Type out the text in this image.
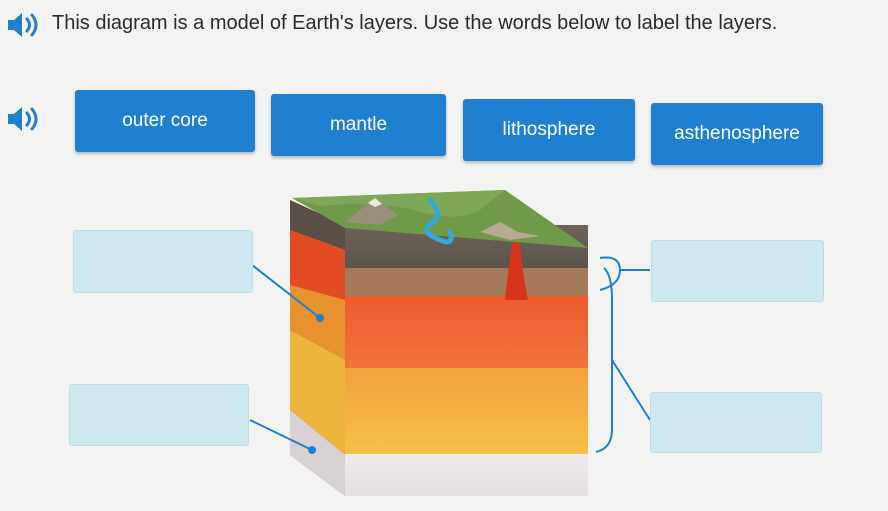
This diagram is a model of Earth's layers. Use the words below to label the layers.
outer core	mantle	lithosphere	asthenosphere
